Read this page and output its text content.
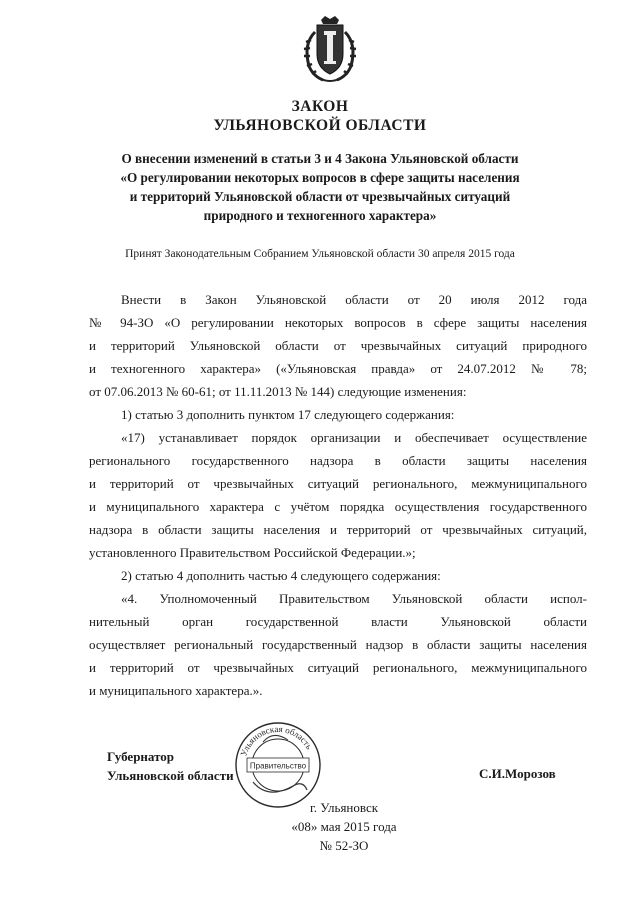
ЗАКОН
УЛЬЯНОВСКОЙ ОБЛАСТИ
О внесении изменений в статьи 3 и 4 Закона Ульяновской области
«О регулировании некоторых вопросов в сфере защиты населения
и территорий Ульяновской области от чрезвычайных ситуаций
природного и техногенного характера»
Принят Законодательным Собранием Ульяновской области 30 апреля 2015 года
Внести в Закон Ульяновской области от 20 июля 2012 года
№ 94-ЗО «О регулировании некоторых вопросов в сфере защиты населения
и территорий Ульяновской области от чрезвычайных ситуаций природного
и техногенного характера» («Ульяновская правда» от 24.07.2012 № 78;
от 07.06.2013 № 60-61; от 11.11.2013 № 144) следующие изменения:
1) статью 3 дополнить пунктом 17 следующего содержания:
«17) устанавливает порядок организации и обеспечивает осуществление
регионального государственного надзора в области защиты населения
и территорий от чрезвычайных ситуаций регионального, межмуниципального
и муниципального характера с учётом порядка осуществления государственного
надзора в области защиты населения и территорий от чрезвычайных ситуаций,
установленного Правительством Российской Федерации.»;
2) статью 4 дополнить частью 4 следующего содержания:
«4. Уполномоченный Правительством Ульяновской области испол-
нительный орган государственной власти Ульяновской области
осуществляет региональный государственный надзор в области защиты населения
и территорий от чрезвычайных ситуаций регионального, межмуниципального
и муниципального характера.».
Губернатор
Ульяновской области
Ульяновская область
Правительство	С.И.Морозов
г. Ульяновск
«08» мая 2015 года
№ 52-ЗО
